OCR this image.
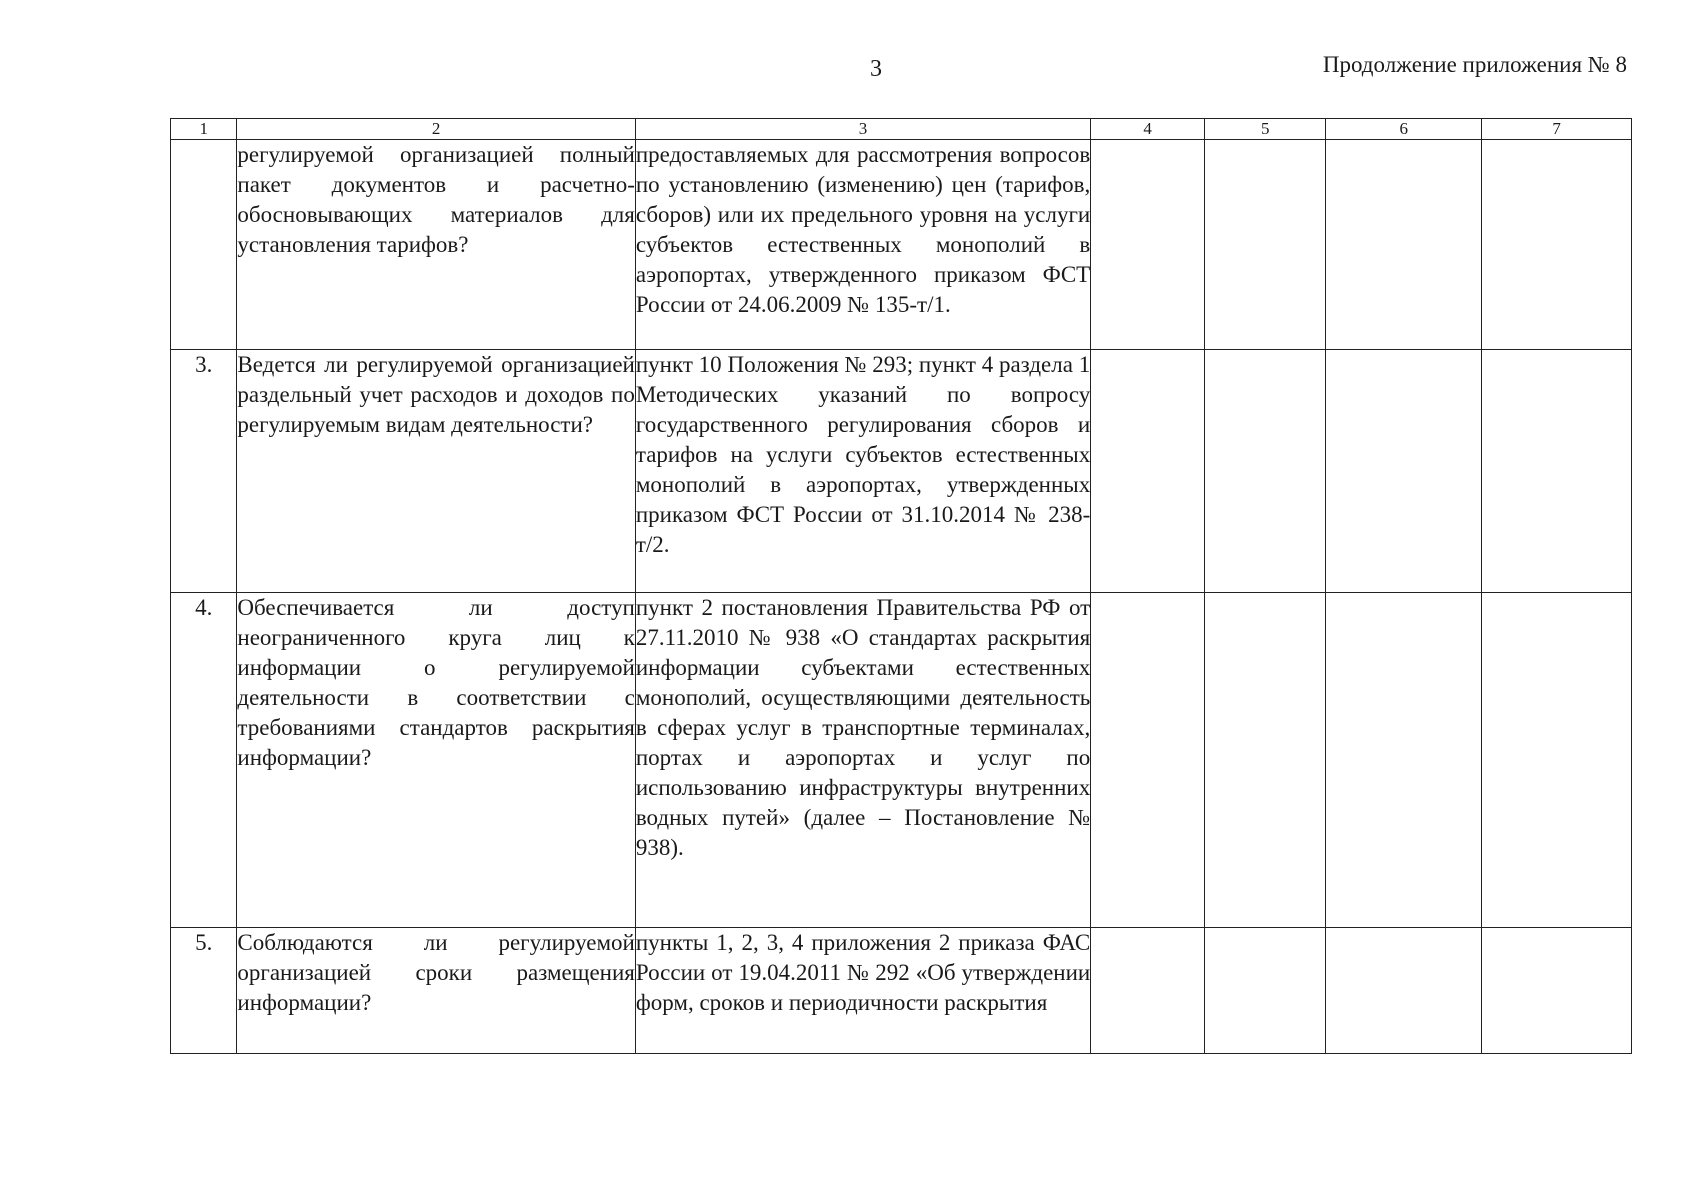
3	Продолжение приложения № 8
1	2	3	4	5	6	7
	регулируемой организацией полный пакет документов и расчетно-обосновывающих материалов для установления тарифов?	предоставляемых для рассмотрения вопросов по установлению (изменению) цен (тарифов, сборов) или их предельного уровня на услуги субъектов естественных монополий в аэропортах, утвержденного приказом ФСТ России от 24.06.2009 № 135-т/1.				
3.	Ведется ли регулируемой организацией раздельный учет расходов и доходов по регулируемым видам деятельности?	пункт 10 Положения № 293; пункт 4 раздела 1 Методических указаний по вопросу государственного регулирования сборов и тарифов на услуги субъектов естественных монополий в аэропортах, утвержденных приказом ФСТ России от 31.10.2014 № 238-т/2.				
4.	Обеспечивается ли доступ неограниченного круга лиц к информации о регулируемой деятельности в соответствии с требованиями стандартов раскрытия информации?	пункт 2 постановления Правительства РФ от 27.11.2010 № 938 «О стандартах раскрытия информации субъектами естественных монополий, осуществляющими деятельность в сферах услуг в транспортные терминалах, портах и аэропортах и услуг по использованию инфраструктуры внутренних водных путей» (далее – Постановление № 938).				
5.	Соблюдаются ли регулируемой организацией сроки размещения информации?	пункты 1, 2, 3, 4 приложения 2 приказа ФАС России от 19.04.2011 № 292 «Об утверждении форм, сроков и периодичности раскрытия				
